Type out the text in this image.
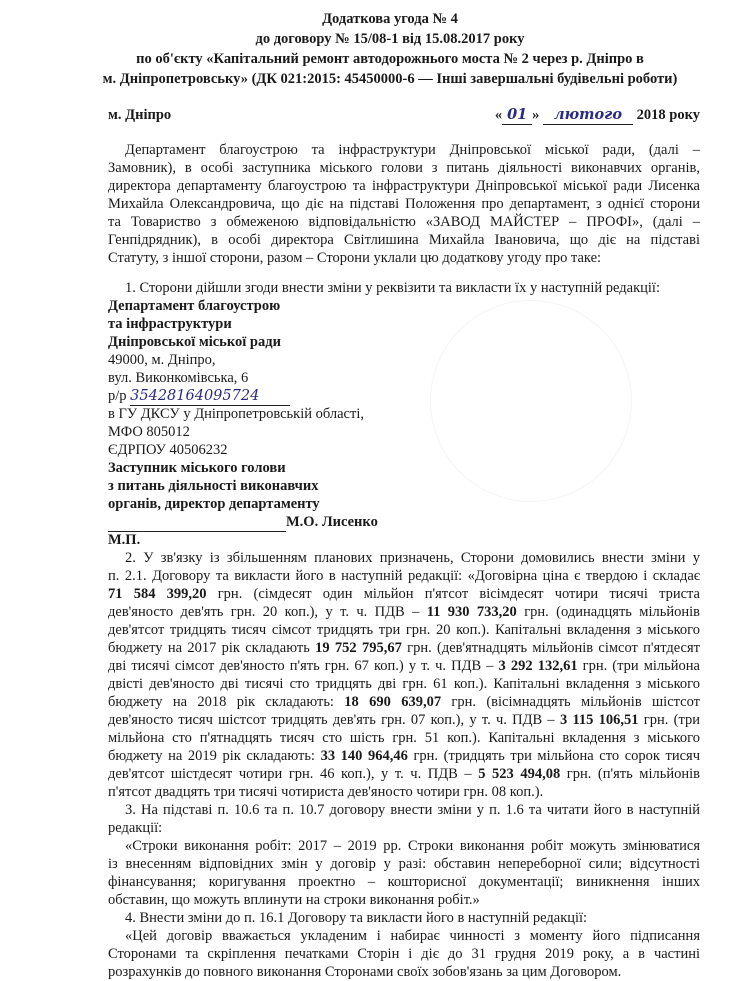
Додаткова угода № 4
до договору № 15/08-1 від 15.08.2017 року
по об'єкту «Капітальний ремонт автодорожнього моста № 2 через р. Дніпро в
м. Дніпропетровську» (ДК 021:2015: 45450000-6 — Інші завершальні будівельні роботи)
м. Дніпро	« 01 » лютого 2018 року
Департамент благоустрою та інфраструктури Дніпровської міської ради, (далі –
Замовник), в особі заступника міського голови з питань діяльності виконавчих органів,
директора департаменту благоустрою та інфраструктури Дніпровської міської ради Лисенка
Михайла Олександровича, що діє на підставі Положення про департамент, з однієї сторони
та Товариство з обмеженою відповідальністю «ЗАВОД МАЙСТЕР – ПРОФІ», (далі –
Генпідрядник), в особі директора Світлишина Михайла Івановича, що діє на підставі
Статуту, з іншої сторони, разом – Сторони уклали цю додаткову угоду про таке:
1. Сторони дійшли згоди внести зміни у реквізити та викласти їх у наступній редакції:
Департамент благоустрою
та інфраструктури
Дніпровської міської ради
49000, м. Дніпро,
вул. Виконкомівська, 6
р/р 35428164095724
в ГУ ДКСУ у Дніпропетровській області,
МФО 805012
ЄДРПОУ 40506232
Заступник міського голови
з питань діяльності виконавчих
органів, директор департаменту
М.О. Лисенко
М.П.
2. У зв'язку із збільшенням планових призначень, Сторони домовились внести зміни у
п. 2.1. Договору та викласти його в наступній редакції: «Договірна ціна є твердою і складає
71 584 399,20 грн. (сімдесят один мільйон п'ятсот вісімдесят чотири тисячі триста
дев'яносто дев'ять грн. 20 коп.), у т. ч. ПДВ – 11 930 733,20 грн. (одинадцять мільйонів
дев'ятсот тридцять тисяч сімсот тридцять три грн. 20 коп.). Капітальні вкладення з міського
бюджету на 2017 рік складають 19 752 795,67 грн. (дев'ятнадцять мільйонів сімсот п'ятдесят
дві тисячі сімсот дев'яносто п'ять грн. 67 коп.) у т. ч. ПДВ – 3 292 132,61 грн. (три мільйона
двісті дев'яносто дві тисячі сто тридцять дві грн. 61 коп.). Капітальні вкладення з міського
бюджету на 2018 рік складають: 18 690 639,07 грн. (вісімнадцять мільйонів шістсот
дев'яносто тисяч шістсот тридцять дев'ять грн. 07 коп.), у т. ч. ПДВ – 3 115 106,51 грн. (три
мільйона сто п'ятнадцять тисяч сто шість грн. 51 коп.). Капітальні вкладення з міського
бюджету на 2019 рік складають: 33 140 964,46 грн. (тридцять три мільйона сто сорок тисяч
дев'ятсот шістдесят чотири грн. 46 коп.), у т. ч. ПДВ – 5 523 494,08 грн. (п'ять мільйонів
п'ятсот двадцять три тисячі чотириста дев'яносто чотири грн. 08 коп.).
3. На підставі п. 10.6 та п. 10.7 договору внести зміни у п. 1.6 та читати його в наступній
редакції:
«Строки виконання робіт: 2017 – 2019 рр. Строки виконання робіт можуть змінюватися
із внесенням відповідних змін у договір у разі: обставин непереборної сили; відсутності
фінансування; коригування проектно – кошторисної документації; виникнення інших
обставин, що можуть вплинути на строки виконання робіт.»
4. Внести зміни до п. 16.1 Договору та викласти його в наступній редакції:
«Цей договір вважається укладеним і набирає чинності з моменту його підписання
Сторонами та скріплення печатками Сторін і діє до 31 грудня 2019 року, а в частині
розрахунків до повного виконання Сторонами своїх зобов'язань за цим Договором.
